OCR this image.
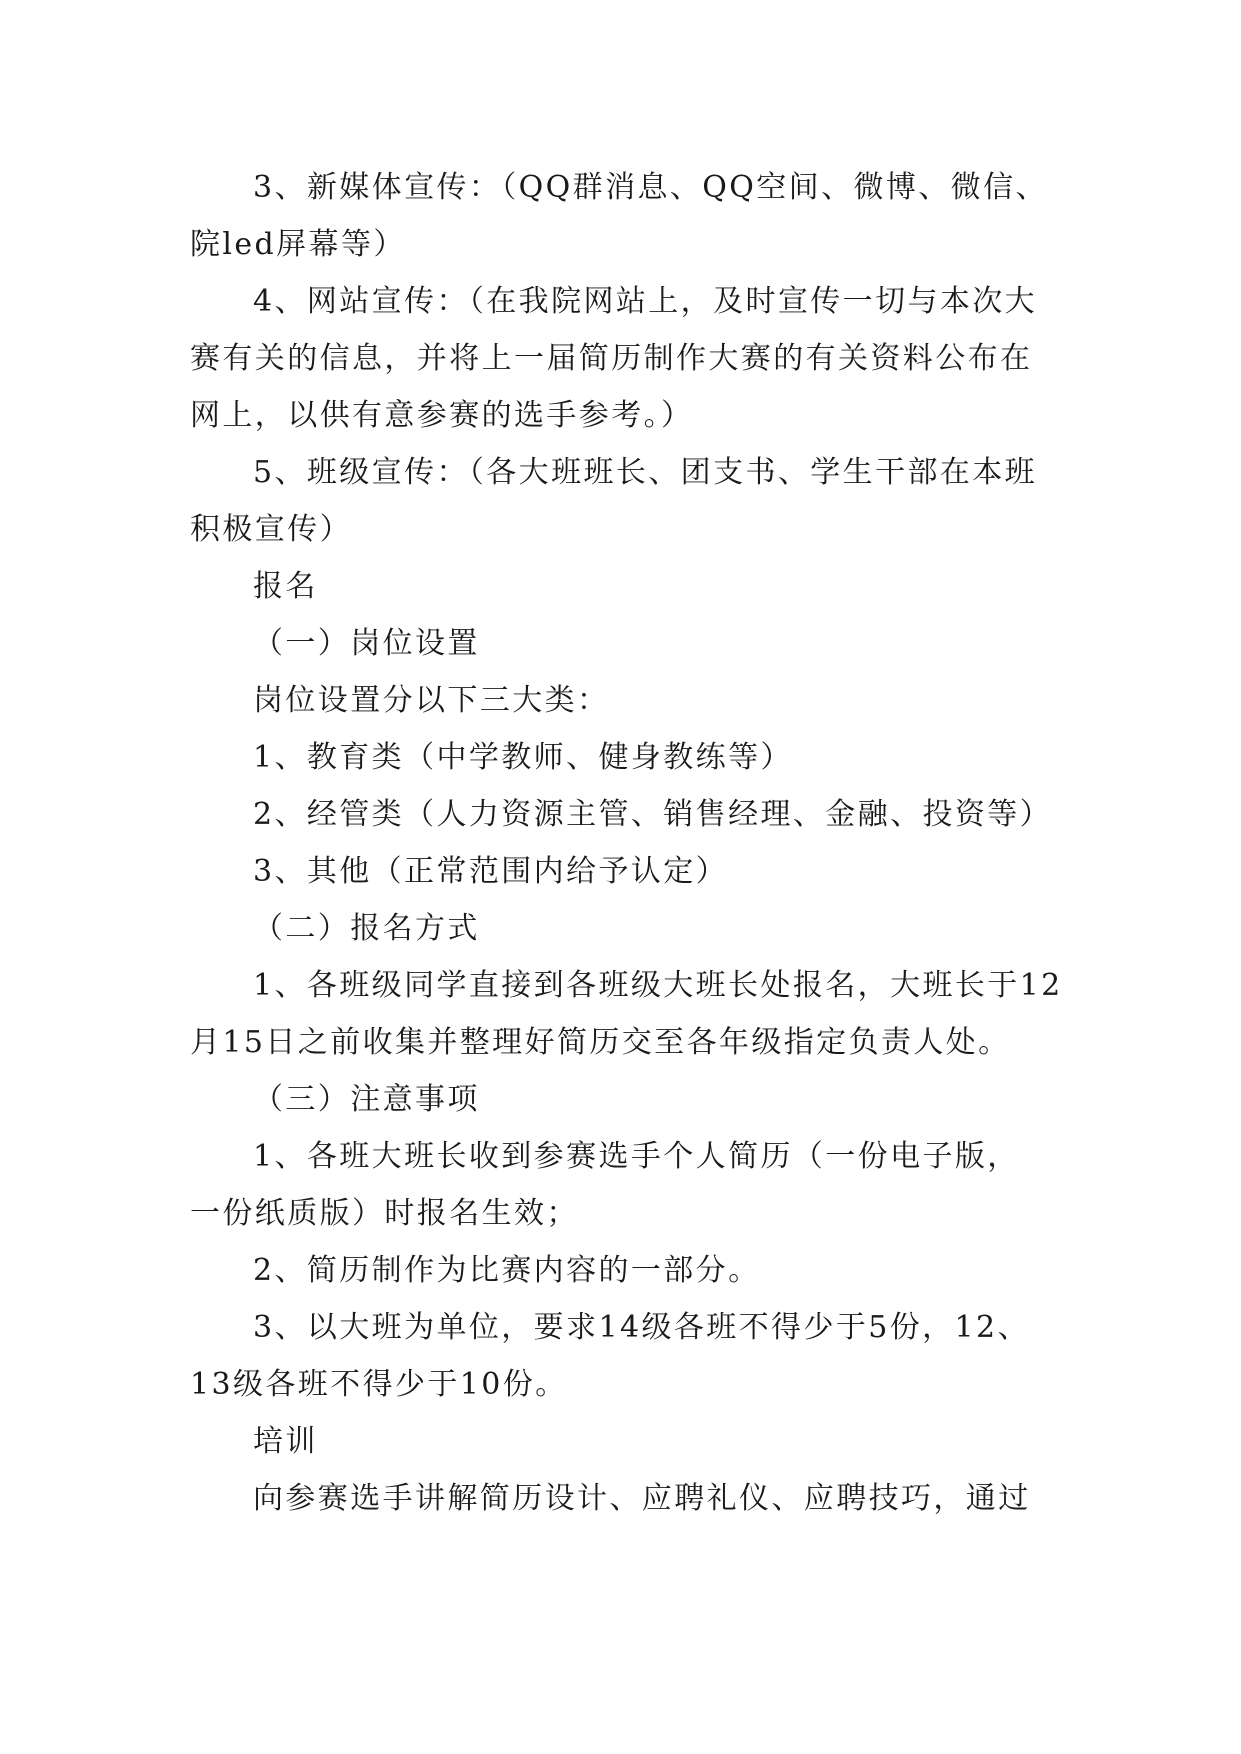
3、新媒体宣传：（QQ群消息、QQ空间、微博、微信、
院led屏幕等）
4、网站宣传：（在我院网站上，及时宣传一切与本次大
赛有关的信息，并将上一届简历制作大赛的有关资料公布在
网上，以供有意参赛的选手参考。）
5、班级宣传：（各大班班长、团支书、学生干部在本班
积极宣传）
报名
（一）岗位设置
岗位设置分以下三大类：
1、教育类（中学教师、健身教练等）
2、经管类（人力资源主管、销售经理、金融、投资等）
3、其他（正常范围内给予认定）
（二）报名方式
1、各班级同学直接到各班级大班长处报名，大班长于12
月15日之前收集并整理好简历交至各年级指定负责人处。
（三）注意事项
1、各班大班长收到参赛选手个人简历（一份电子版，
一份纸质版）时报名生效；
2、简历制作为比赛内容的一部分。
3、以大班为单位，要求14级各班不得少于5份，12、
13级各班不得少于10份。
培训
向参赛选手讲解简历设计、应聘礼仪、应聘技巧，通过
